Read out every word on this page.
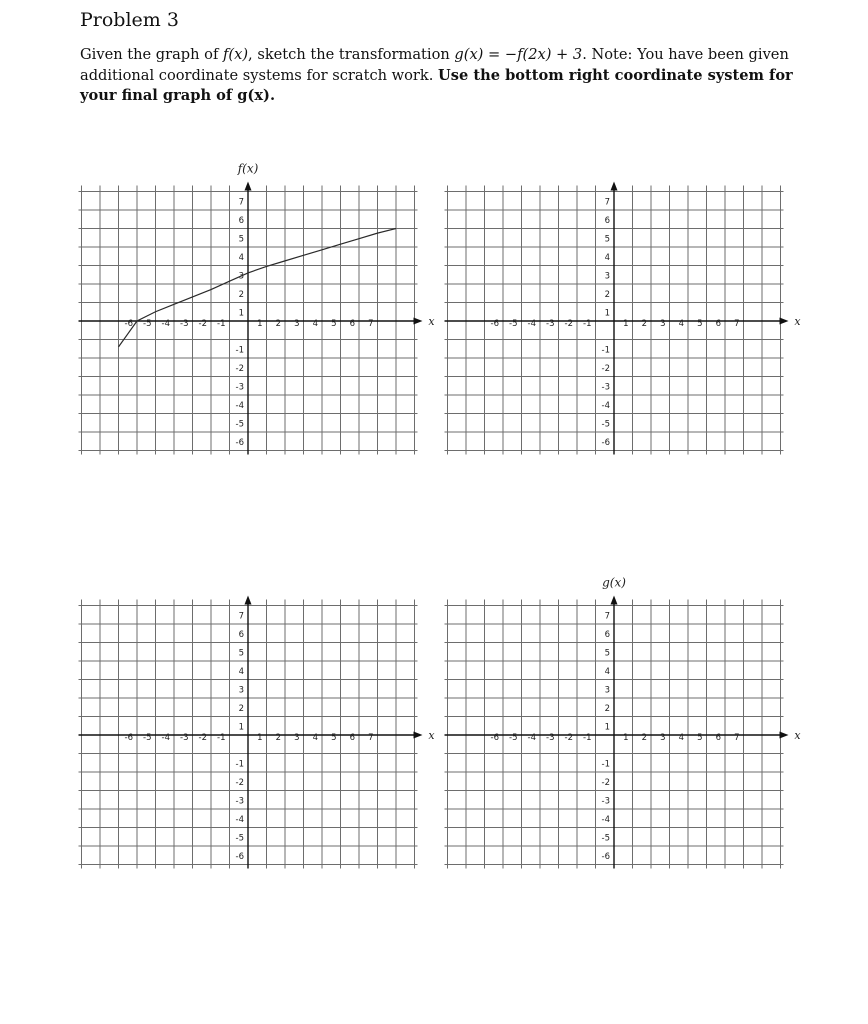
Problem 3

Given the graph of f(x), sketch the transformation g(x) = −f(2x) + 3. Note: You have been given additional coordinate systems for scratch work. Use the bottom right coordinate system for your final graph of g(x).

-6 -5 -4 -3 -2 -1	1 2 3 4 5 6 7
7
6
5
4
3
2
1
-1
-2
-3
-4
-5
-6
x
f(x)
-6 -5 -4 -3 -2 -1	1 2 3 4 5 6 7
7
6
5
4
3
2
1
-1
-2
-3
-4
-5
-6
x
-6 -5 -4 -3 -2 -1	1 2 3 4 5 6 7
7
6
5
4
3
2
1
-1
-2
-3
-4
-5
-6
x	-6 -5 -4 -3 -2 -1	1 2 3 4 5 6 7
7
6
5
4
3
2
1
-1
-2
-3
-4
-5
-6
x
g(x)
